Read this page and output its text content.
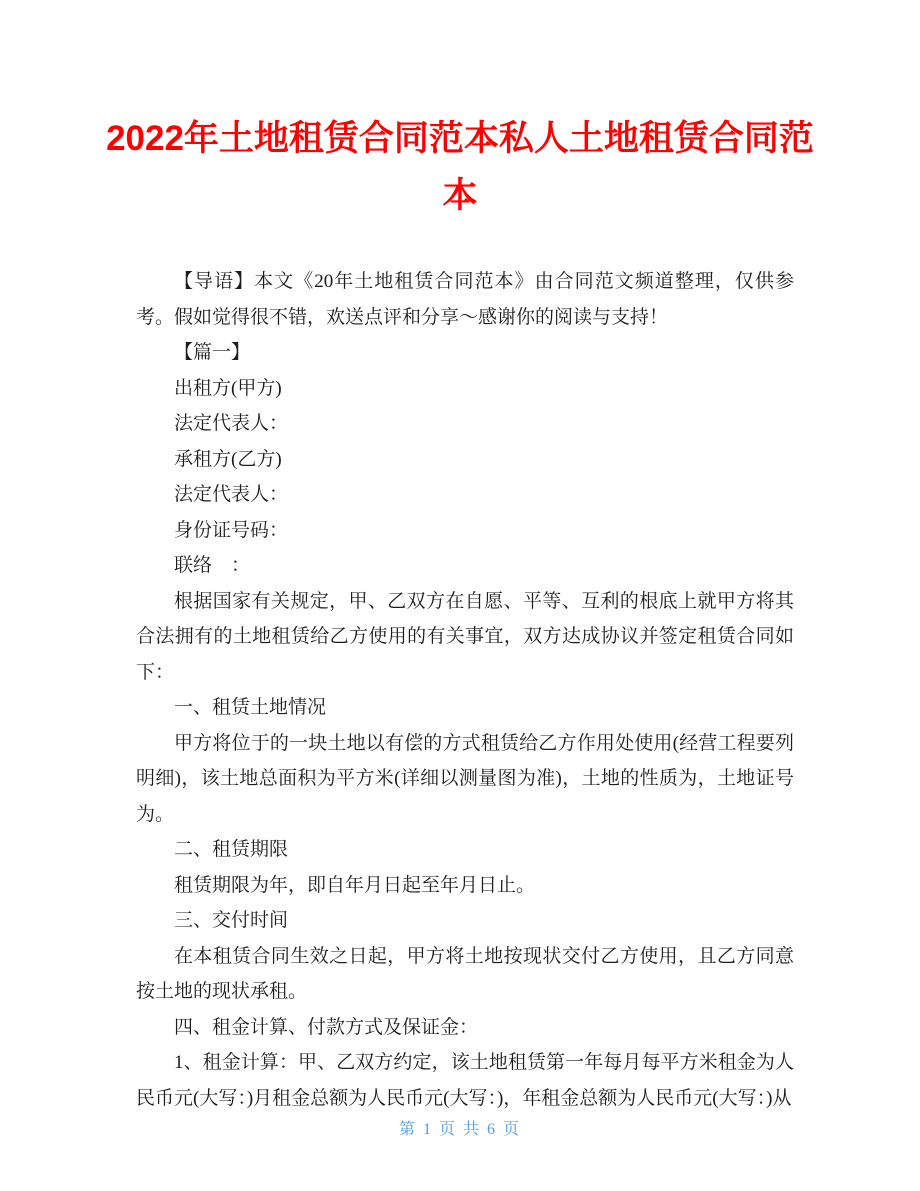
2022年土地租赁合同范本私人土地租赁合同范本

【导语】本文《20年土地租赁合同范本》由合同范文频道整理，仅供参考。假如觉得很不错，欢送点评和分享～感谢你的阅读与支持！

【篇一】

出租方(甲方)

法定代表人：

承租方(乙方)

法定代表人：

身份证号码：

联络　：

根据国家有关规定，甲、乙双方在自愿、平等、互利的根底上就甲方将其合法拥有的土地租赁给乙方使用的有关事宜，双方达成协议并签定租赁合同如下：

一、租赁土地情况

甲方将位于的一块土地以有偿的方式租赁给乙方作用处使用(经营工程要列明细)，该土地总面积为平方米(详细以测量图为准)，土地的性质为，土地证号为。

二、租赁期限

租赁期限为年，即自年月日起至年月日止。

三、交付时间

在本租赁合同生效之日起，甲方将土地按现状交付乙方使用，且乙方同意按土地的现状承租。

四、租金计算、付款方式及保证金：

1、租金计算：甲、乙双方约定，该土地租赁第一年每月每平方米租金为人民币元(大写：)月租金总额为人民币元(大写：)，年租金总额为人民币元(大写：)从

第 1 页 共 6 页
